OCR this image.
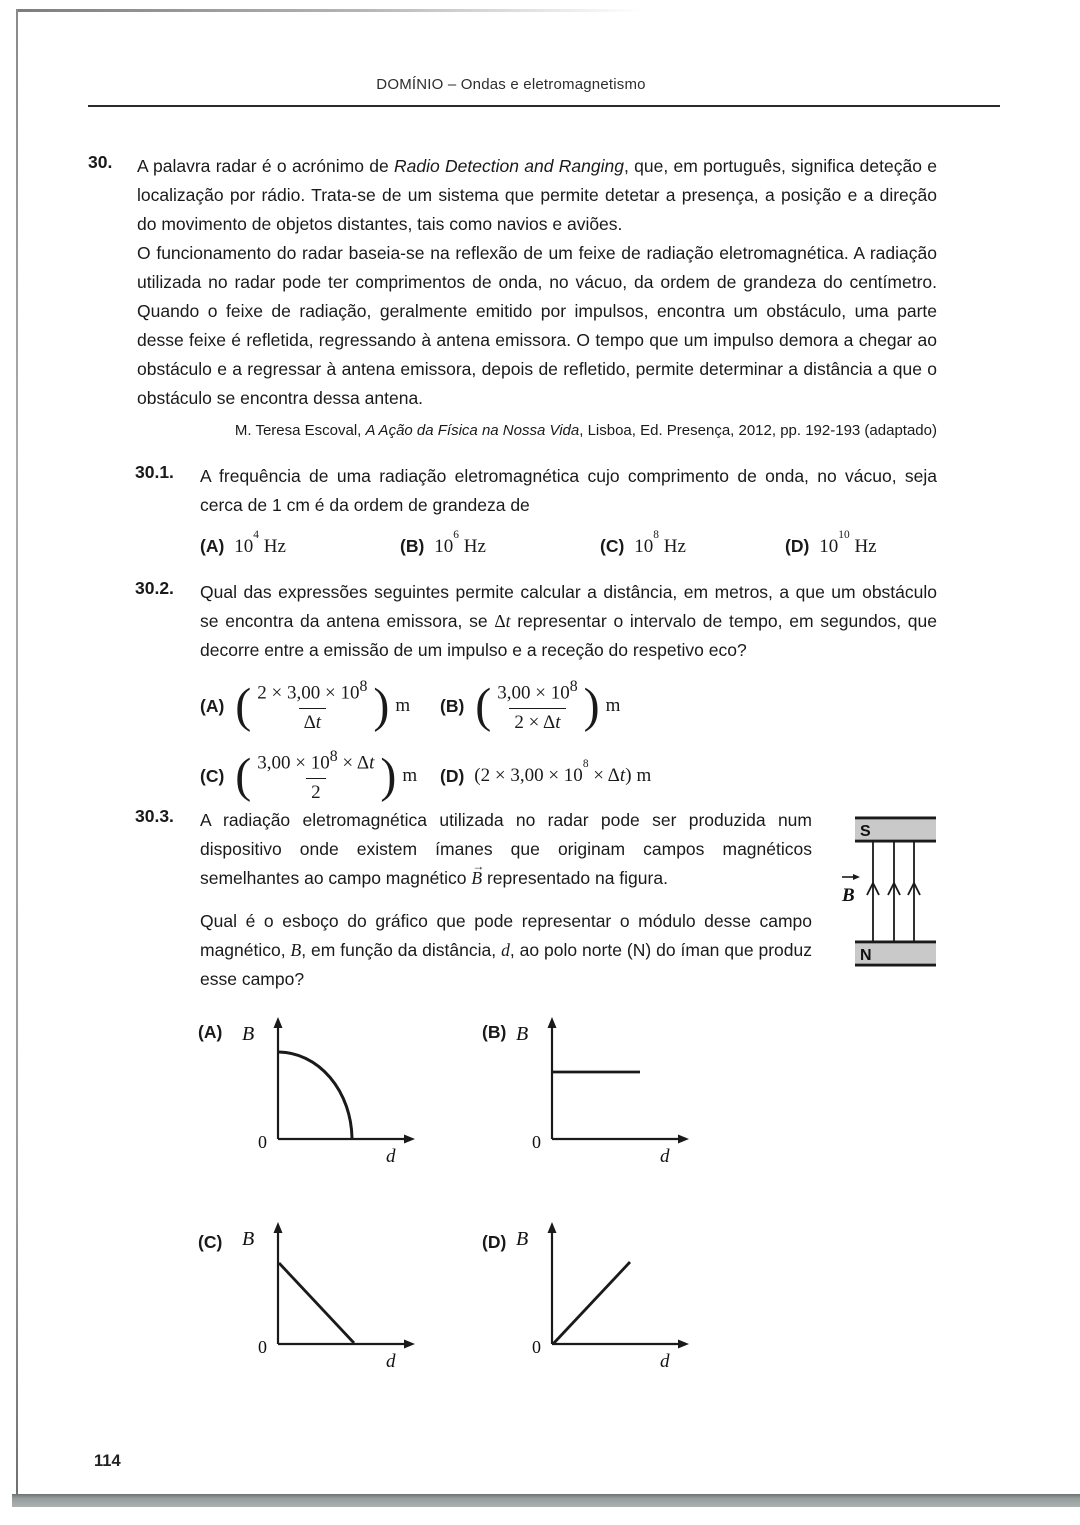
DOMÍNIO – Ondas e eletromagnetismo
30. A palavra radar é o acrónimo de Radio Detection and Ranging, que, em português, significa deteção e localização por rádio. Trata-se de um sistema que permite detetar a presença, a posição e a direção do movimento de objetos distantes, tais como navios e aviões.

O funcionamento do radar baseia-se na reflexão de um feixe de radiação eletromagnética. A radiação utilizada no radar pode ter comprimentos de onda, no vácuo, da ordem de grandeza do centímetro. Quando o feixe de radiação, geralmente emitido por impulsos, encontra um obstáculo, uma parte desse feixe é refletida, regressando à antena emissora. O tempo que um impulso demora a chegar ao obstáculo e a regressar à antena emissora, depois de refletido, permite determinar a distância a que o obstáculo se encontra dessa antena.

M. Teresa Escoval, A Ação da Física na Nossa Vida, Lisboa, Ed. Presença, 2012, pp. 192-193 (adaptado)

30.1. A frequência de uma radiação eletromagnética cujo comprimento de onda, no vácuo, seja cerca de 1 cm é da ordem de grandeza de

(A) $10^4$ Hz	(B) $10^6$ Hz	(C) $10^8$ Hz	(D) $10^{10}$ Hz
30.2. Qual das expressões seguintes permite calcular a distância, em metros, a que um obstáculo se encontra da antena emissora, se Δt representar o intervalo de tempo, em segundos, que decorre entre a emissão de um impulso e a receção do respetivo eco?

(A) ( $\frac{2 \times 3,00 \times 10^8}{\Delta t}$ ) m (B) ( $\frac{3,00 \times 10^8}{2 \times \Delta t}$ ) m
(C) ( $\frac{3,00 \times 10^8 \times \Delta t}{2}$ ) m (D) $(2 \times 3,00 \times 10^8 \times \Delta t)$ m
30.3. A radiação eletromagnética utilizada no radar pode ser produzida num dispositivo onde existem ímanes que originam campos magnéticos semelhantes ao campo magnético
→
B representado na figura.

Qual é o esboço do gráfico que pode representar o módulo desse campo magnético, B, em função da distância, d, ao polo norte (N) do íman que produz esse campo?

S
B
N
(A) B
0
d
(B) B
0
d
(C) B
0
d
(D) B
0
d
114
